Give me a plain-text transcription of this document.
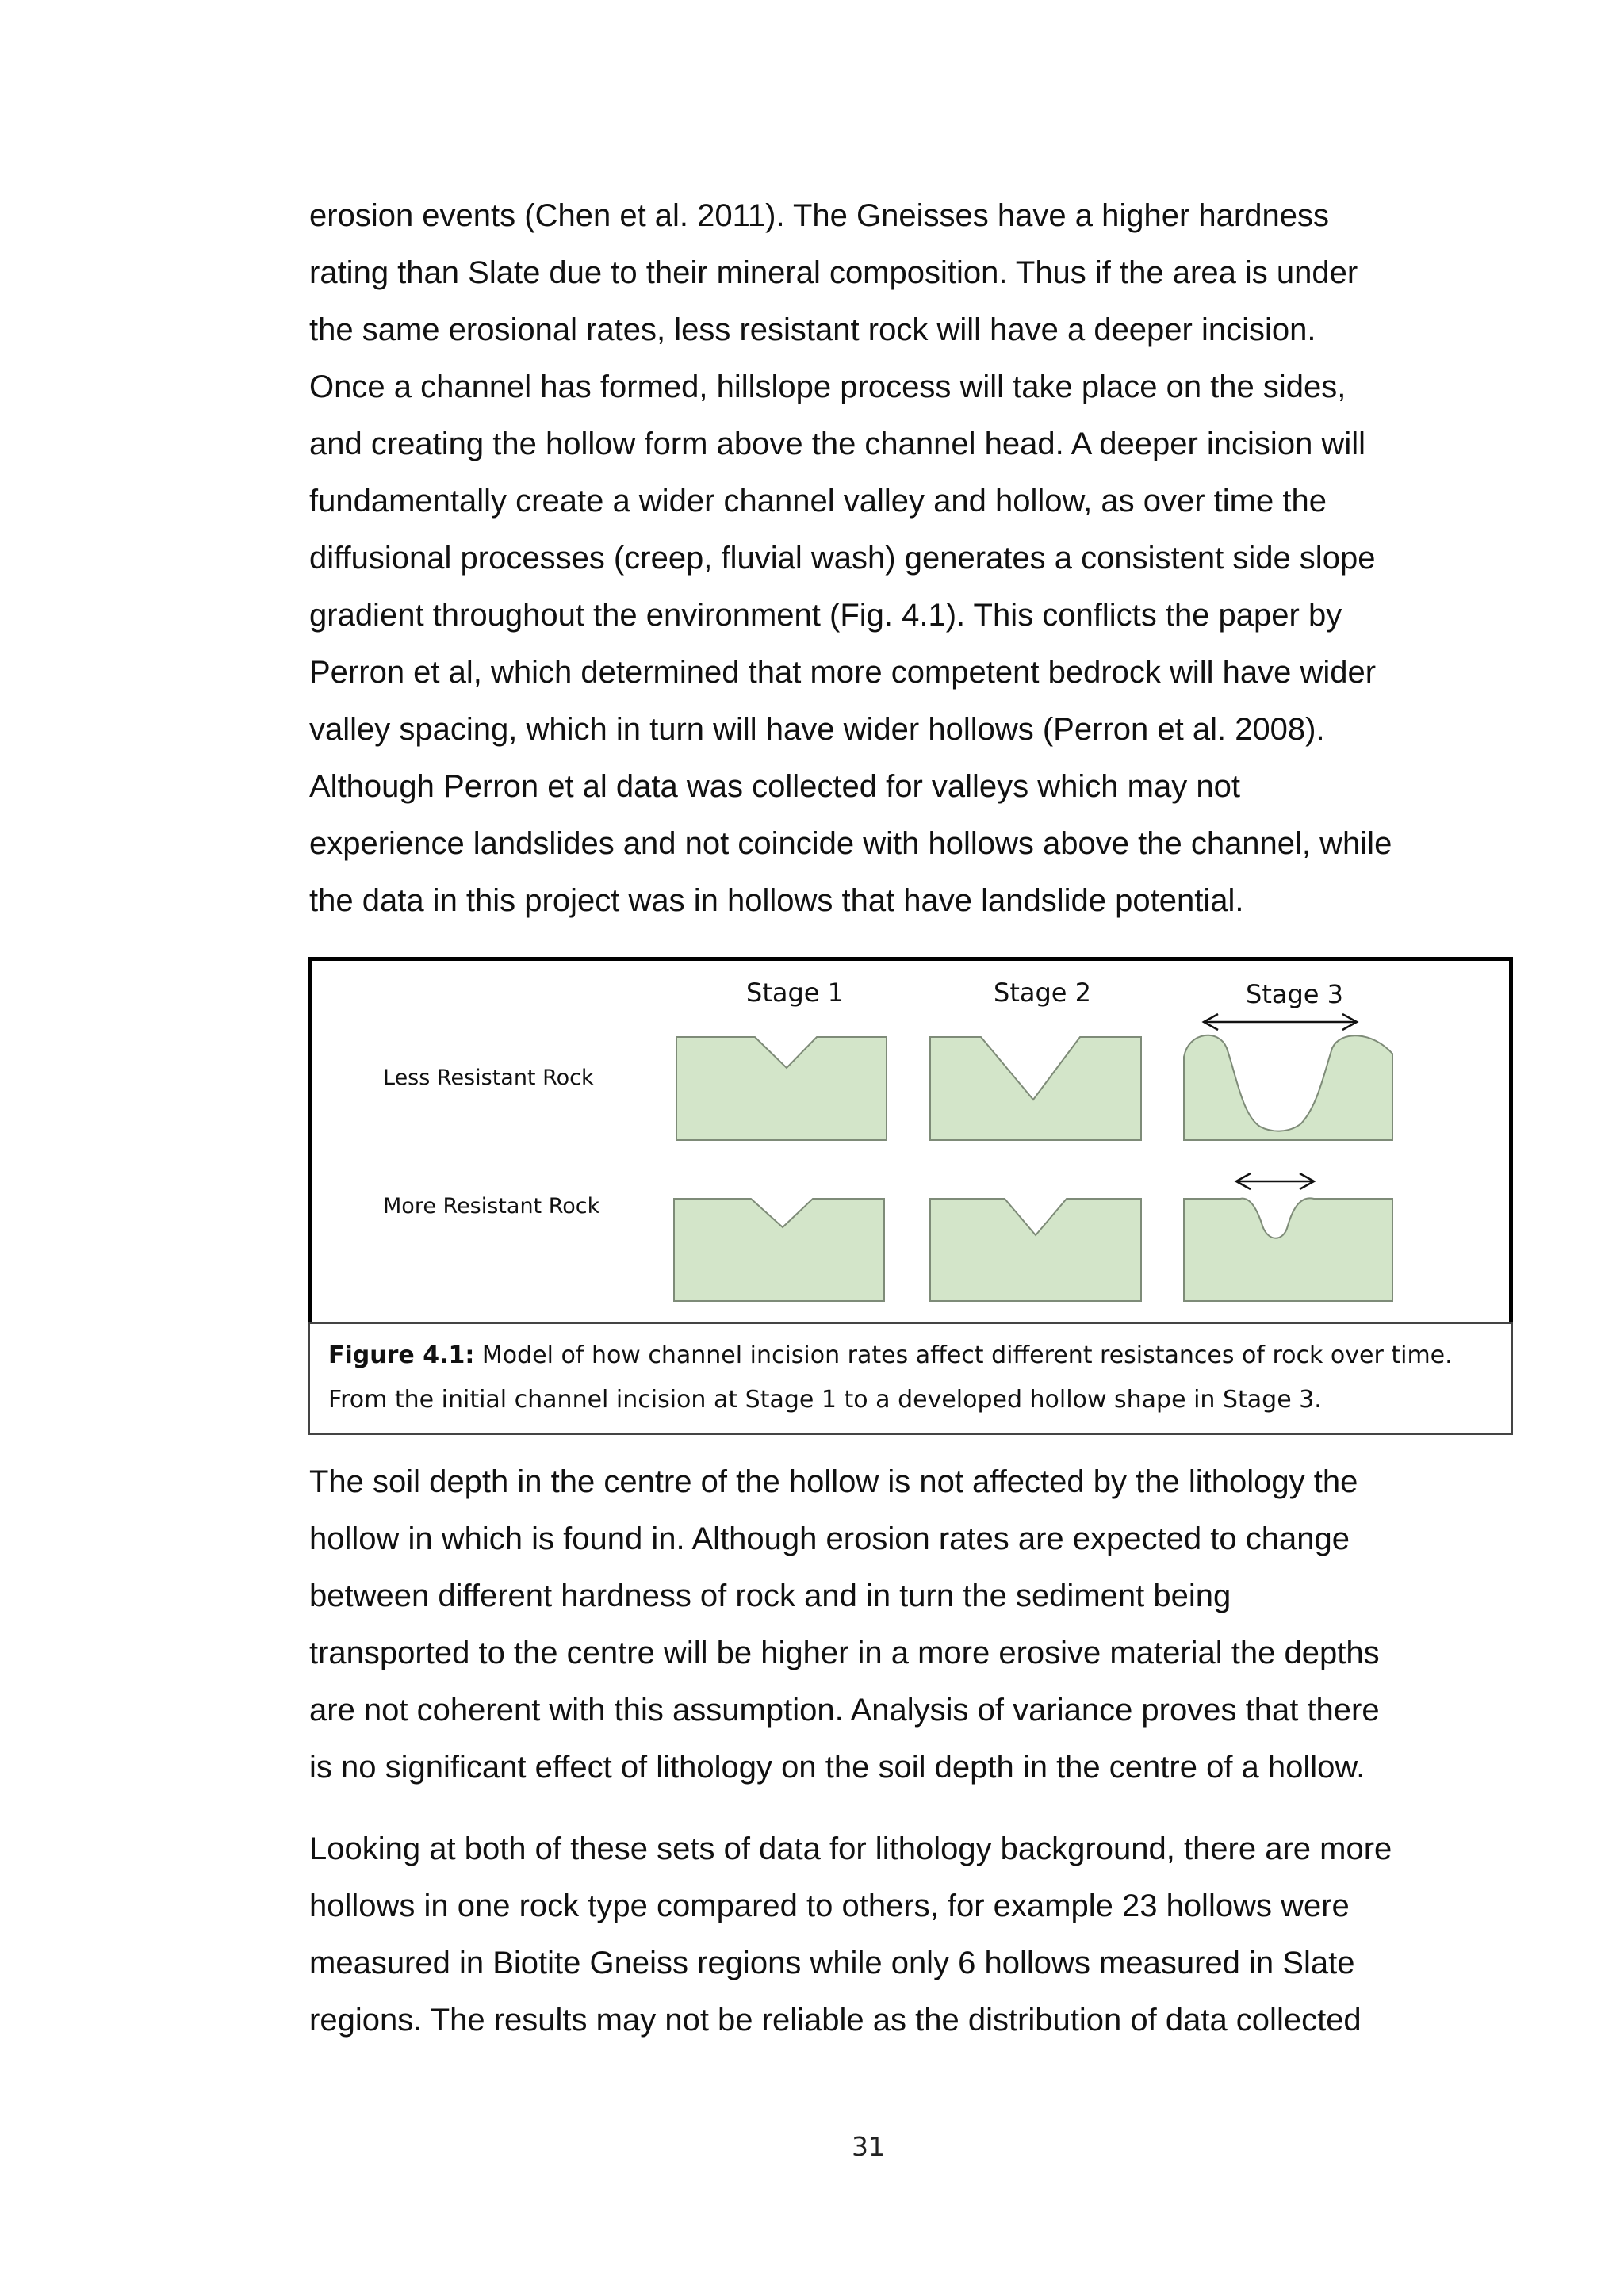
erosion events (Chen et al. 2011). The Gneisses have a higher hardness
rating than Slate due to their mineral composition. Thus if the area is under
the same erosional rates, less resistant rock will have a deeper incision.
Once a channel has formed, hillslope process will take place on the sides,
and creating the hollow form above the channel head. A deeper incision will
fundamentally create a wider channel valley and hollow, as over time the
diffusional processes (creep, fluvial wash) generates a consistent side slope
gradient throughout the environment (Fig. 4.1). This conflicts the paper by
Perron et al, which determined that more competent bedrock will have wider
valley spacing, which in turn will have wider hollows (Perron et al. 2008).
Although Perron et al data was collected for valleys which may not
experience landslides and not coincide with hollows above the channel, while
the data in this project was in hollows that have landslide potential.
Stage 1	Stage 2	Stage 3
Less Resistant Rock
More Resistant Rock
Figure 4.1: Model of how channel incision rates affect different resistances of rock over time.
From the initial channel incision at Stage 1 to a developed hollow shape in Stage 3.
The soil depth in the centre of the hollow is not affected by the lithology the
hollow in which is found in. Although erosion rates are expected to change
between different hardness of rock and in turn the sediment being
transported to the centre will be higher in a more erosive material the depths
are not coherent with this assumption. Analysis of variance proves that there
is no significant effect of lithology on the soil depth in the centre of a hollow.
Looking at both of these sets of data for lithology background, there are more
hollows in one rock type compared to others, for example 23 hollows were
measured in Biotite Gneiss regions while only 6 hollows measured in Slate
regions. The results may not be reliable as the distribution of data collected
31
